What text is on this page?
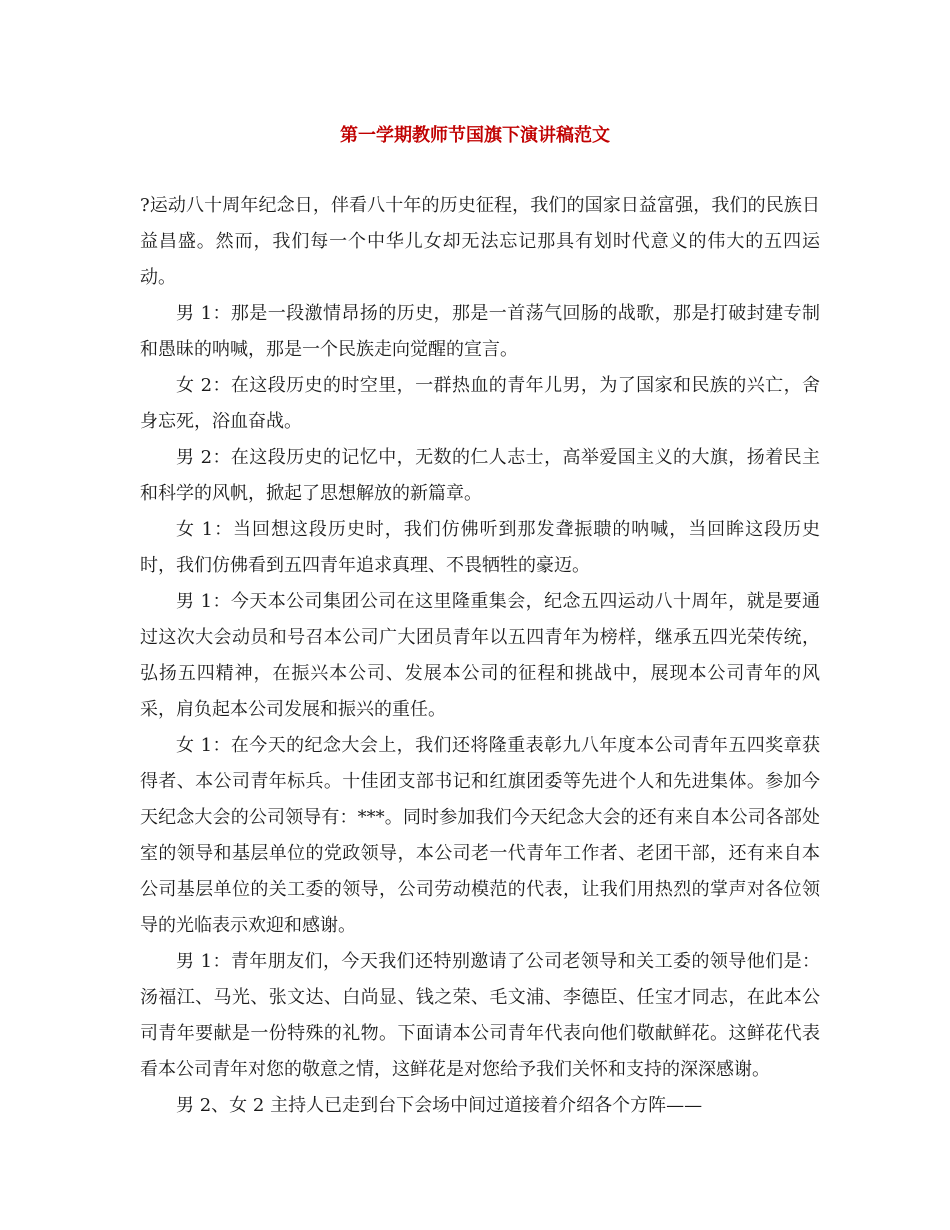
第一学期教师节国旗下演讲稿范文

?运动八十周年纪念日，伴看八十年的历史征程，我们的国家日益富强，我们的民族日益昌盛。然而，我们每一个中华儿女却无法忘记那具有划时代意义的伟大的五四运动。

男 1：那是一段激情昂扬的历史，那是一首荡气回肠的战歌，那是打破封建专制和愚昧的呐喊，那是一个民族走向觉醒的宣言。

女 2：在这段历史的时空里，一群热血的青年儿男，为了国家和民族的兴亡，舍身忘死，浴血奋战。

男 2：在这段历史的记忆中，无数的仁人志士，高举爱国主义的大旗，扬着民主和科学的风帆，掀起了思想解放的新篇章。

女 1：当回想这段历史时，我们仿佛听到那发聋振聩的呐喊，当回眸这段历史时，我们仿佛看到五四青年追求真理、不畏牺牲的豪迈。

男 1：今天本公司集团公司在这里隆重集会，纪念五四运动八十周年，就是要通过这次大会动员和号召本公司广大团员青年以五四青年为榜样，继承五四光荣传统，弘扬五四精神，在振兴本公司、发展本公司的征程和挑战中，展现本公司青年的风采，肩负起本公司发展和振兴的重任。

女 1：在今天的纪念大会上，我们还将隆重表彰九八年度本公司青年五四奖章获得者、本公司青年标兵。十佳团支部书记和红旗团委等先进个人和先进集体。参加今天纪念大会的公司领导有：***。同时参加我们今天纪念大会的还有来自本公司各部处室的领导和基层单位的党政领导，本公司老一代青年工作者、老团干部，还有来自本公司基层单位的关工委的领导，公司劳动模范的代表，让我们用热烈的掌声对各位领导的光临表示欢迎和感谢。

男 1：青年朋友们，今天我们还特别邀请了公司老领导和关工委的领导他们是：汤福江、马光、张文达、白尚显、钱之荣、毛文浦、李德臣、任宝才同志，在此本公司青年要献是一份特殊的礼物。下面请本公司青年代表向他们敬献鲜花。这鲜花代表看本公司青年对您的敬意之情，这鲜花是对您给予我们关怀和支持的深深感谢。

男 2、女 2 主持人已走到台下会场中间过道接着介绍各个方阵——
